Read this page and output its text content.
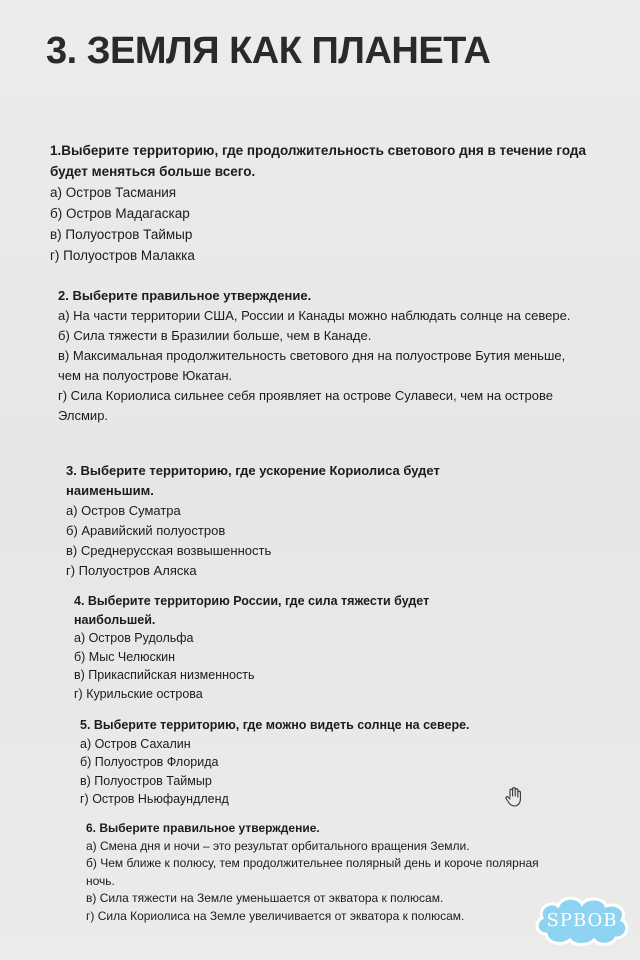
3. ЗЕМЛЯ КАК ПЛАНЕТА
1.Выберите территорию, где продолжительность светового дня в течение года будет меняться больше всего.
а) Остров Тасмания
б) Остров Мадагаскар
в) Полуостров Таймыр
г) Полуостров Малакка
2. Выберите правильное утверждение.
а) На части территории США, России и Канады можно наблюдать солнце на севере.
б) Сила тяжести в Бразилии больше, чем в Канаде.
в) Максимальная продолжительность светового дня на полуострове Бутия меньше, чем на полуострове Юкатан.
г) Сила Кориолиса сильнее себя проявляет на острове Сулавеси, чем на острове Элсмир.
3. Выберите территорию, где ускорение Кориолиса будет наименьшим.
а) Остров Суматра
б) Аравийский полуостров
в) Среднерусская возвышенность
г) Полуостров Аляска
4. Выберите территорию России, где сила тяжести будет наибольшей.
а) Остров Рудольфа
б) Мыс Челюскин
в) Прикаспийская низменность
г) Курильские острова
5. Выберите территорию, где можно видеть солнце на севере.
а) Остров Сахалин
б) Полуостров Флорида
в) Полуостров Таймыр
г) Остров Ньюфаундленд
6. Выберите правильное утверждение.
а) Смена дня и ночи – это результат орбитального вращения Земли.
б) Чем ближе к полюсу, тем продолжительнее полярный день и короче полярная ночь.
в) Сила тяжести на Земле уменьшается от экватора к полюсам.
г) Сила Кориолиса на Земле увеличивается от экватора к полюсам.	SPBOB
